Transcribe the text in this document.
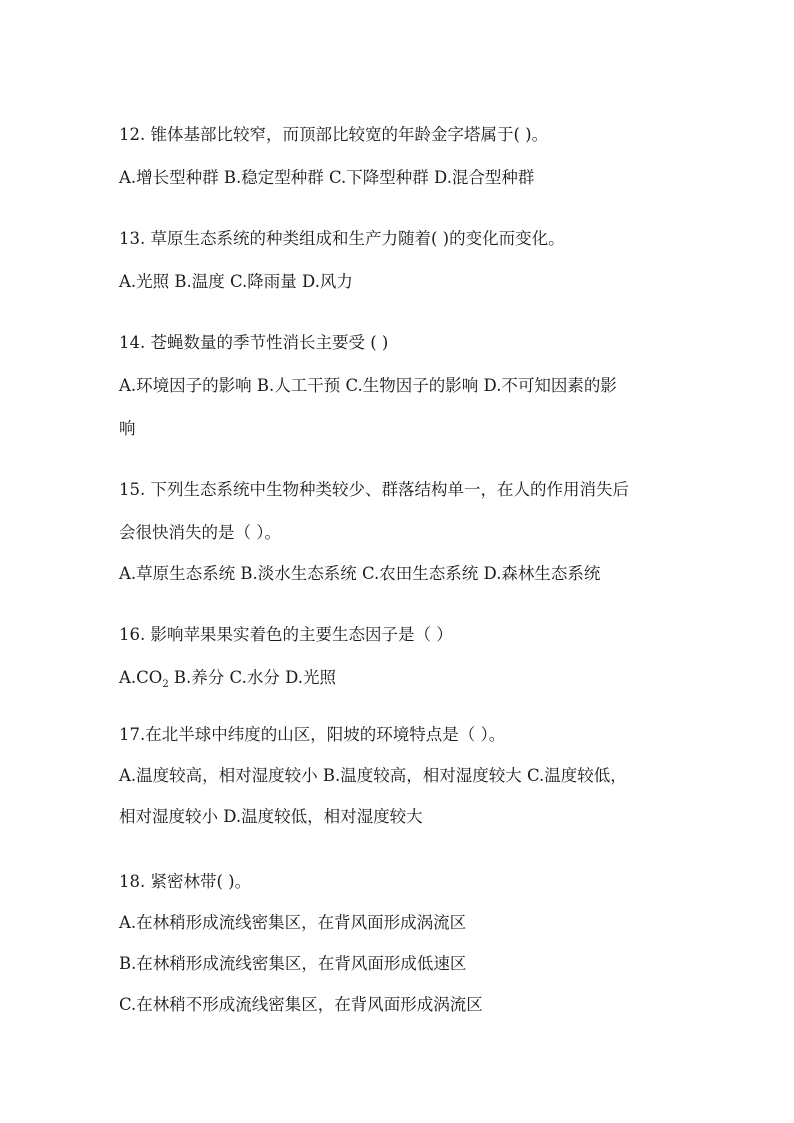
12. 锥体基部比较窄，而顶部比较宽的年龄金字塔属于( )。
A.增长型种群 B.稳定型种群 C.下降型种群 D.混合型种群
13. 草原生态系统的种类组成和生产力随着( )的变化而变化。
A.光照 B.温度 C.降雨量 D.风力
14. 苍蝇数量的季节性消长主要受 ( )
A.环境因子的影响 B.人工干预 C.生物因子的影响 D.不可知因素的影
响
15. 下列生态系统中生物种类较少、群落结构单一，在人的作用消失后
会很快消失的是（ ）。
A.草原生态系统 B.淡水生态系统 C.农田生态系统 D.森林生态系统
16. 影响苹果果实着色的主要生态因子是（ ）
$A.CO_2$ B.养分 C.水分 D.光照
17.在北半球中纬度的山区，阳坡的环境特点是（ ）。
A.温度较高，相对湿度较小 B.温度较高，相对湿度较大 C.温度较低，
相对湿度较小 D.温度较低，相对湿度较大
18. 紧密林带( )。
A.在林稍形成流线密集区，在背风面形成涡流区
B.在林稍形成流线密集区，在背风面形成低速区
C.在林稍不形成流线密集区，在背风面形成涡流区
